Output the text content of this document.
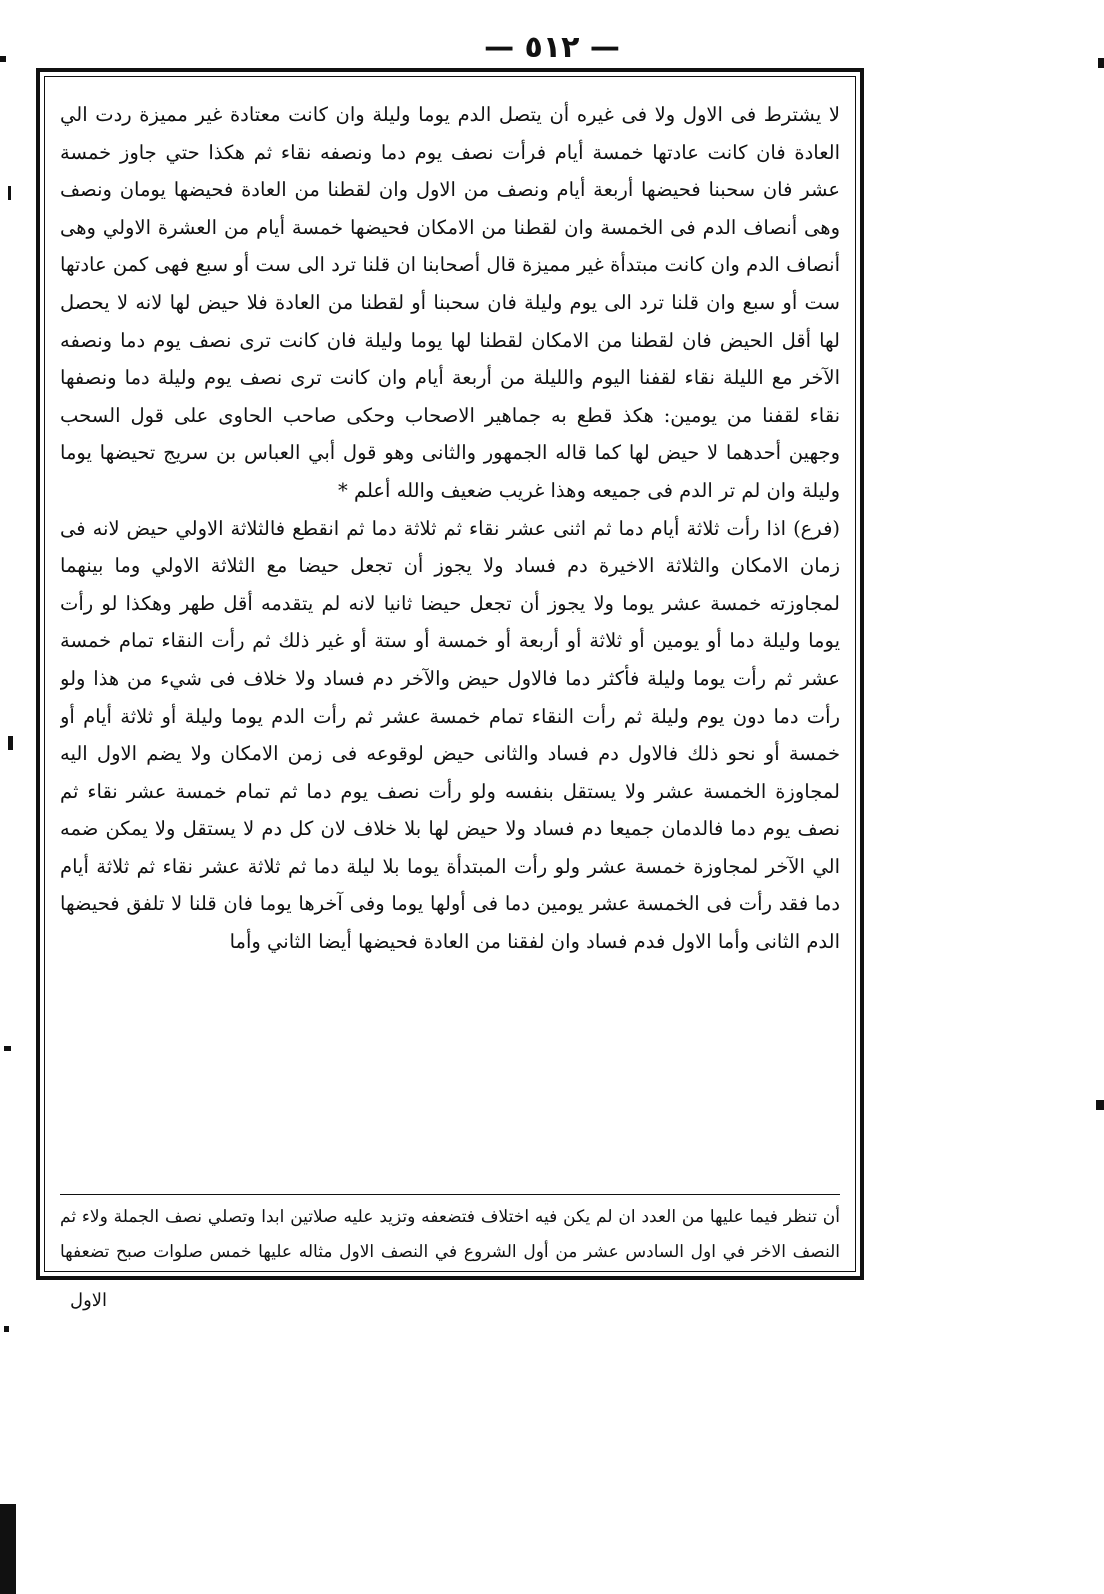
— ٥١٢ —

لا يشترط فى الاول ولا فى غيره أن يتصل الدم يوما وليلة وان كانت معتادة غير مميزة ردت الي العادة فان كانت عادتها خمسة أيام فرأت نصف يوم دما ونصفه نقاء ثم هكذا حتي جاوز خمسة عشر فان سحبنا فحيضها أربعة أيام ونصف من الاول وان لقطنا من العادة فحيضها يومان ونصف وهى أنصاف الدم فى الخمسة وان لقطنا من الامكان فحيضها خمسة أيام من العشرة الاولي وهى أنصاف الدم وان كانت مبتدأة غير مميزة قال أصحابنا ان قلنا ترد الى ست أو سبع فهى كمن عادتها ست أو سبع وان قلنا ترد الى يوم وليلة فان سحبنا أو لقطنا من العادة فلا حيض لها لانه لا يحصل لها أقل الحيض فان لقطنا من الامكان لقطنا لها يوما وليلة فان كانت ترى نصف يوم دما ونصفه الآخر مع الليلة نقاء لقفنا اليوم والليلة من أربعة أيام وان كانت ترى نصف يوم وليلة دما ونصفها نقاء لقفنا من يومين: هكذ قطع به جماهير الاصحاب وحكى صاحب الحاوى على قول السحب وجهين أحدهما لا حيض لها كما قاله الجمهور والثانى وهو قول أبي العباس بن سريج تحيضها يوما وليلة وان لم تر الدم فى جميعه وهذا غريب ضعيف والله أعلم *

(فرع) اذا رأت ثلاثة أيام دما ثم اثنى عشر نقاء ثم ثلاثة دما ثم انقطع فالثلاثة الاولي حيض لانه فى زمان الامكان والثلاثة الاخيرة دم فساد ولا يجوز أن تجعل حيضا مع الثلاثة الاولي وما بينهما لمجاوزته خمسة عشر يوما ولا يجوز أن تجعل حيضا ثانيا لانه لم يتقدمه أقل طهر وهكذا لو رأت يوما وليلة دما أو يومين أو ثلاثة أو أربعة أو خمسة أو ستة أو غير ذلك ثم رأت النقاء تمام خمسة عشر ثم رأت يوما وليلة فأكثر دما فالاول حيض والآخر دم فساد ولا خلاف فى شيء من هذا ولو رأت دما دون يوم وليلة ثم رأت النقاء تمام خمسة عشر ثم رأت الدم يوما وليلة أو ثلاثة أيام أو خمسة أو نحو ذلك فالاول دم فساد والثانى حيض لوقوعه فى زمن الامكان ولا يضم الاول اليه لمجاوزة الخمسة عشر ولا يستقل بنفسه ولو رأت نصف يوم دما ثم تمام خمسة عشر نقاء ثم نصف يوم دما فالدمان جميعا دم فساد ولا حيض لها بلا خلاف لان كل دم لا يستقل ولا يمكن ضمه الي الآخر لمجاوزة خمسة عشر ولو رأت المبتدأة يوما بلا ليلة دما ثم ثلاثة عشر نقاء ثم ثلاثة أيام دما فقد رأت فى الخمسة عشر يومين دما فى أولها يوما وفى آخرها يوما فان قلنا لا تلفق فحيضها الدم الثانى وأما الاول فدم فساد وان لفقنا من العادة فحيضها أيضا الثاني وأما

أن تنظر فيما عليها من العدد ان لم يكن فيه اختلاف فتضعفه وتزيد عليه صلاتين ابدا وتصلي نصف الجملة ولاء ثم النصف الاخر في اول السادس عشر من أول الشروع في النصف الاول مثاله عليها خمس صلوات صبح تضعفها
الاول
